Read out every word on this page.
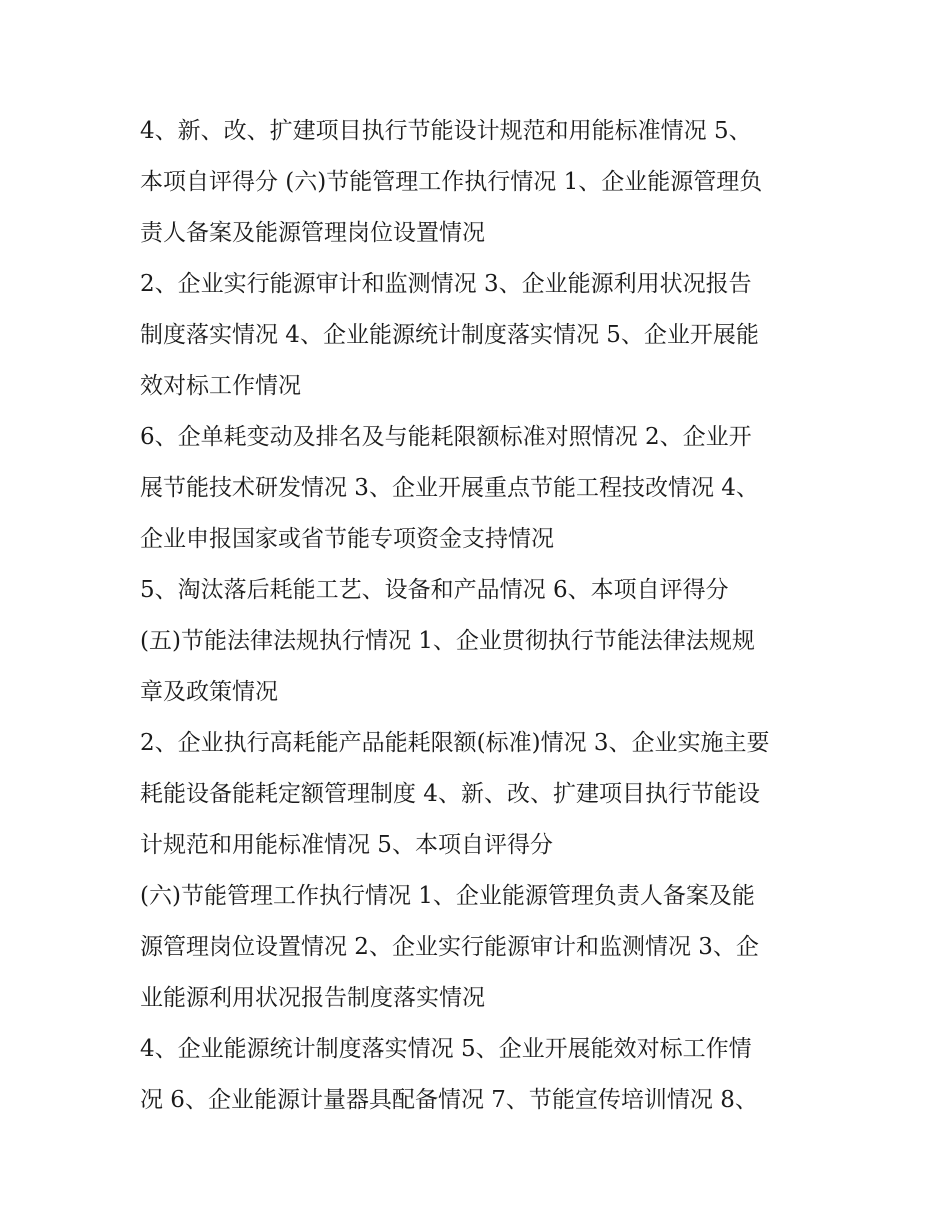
4、新、改、扩建项目执行节能设计规范和用能标准情况 5、
本项自评得分 (六)节能管理工作执行情况 1、企业能源管理负
责人备案及能源管理岗位设置情况
2、企业实行能源审计和监测情况 3、企业能源利用状况报告
制度落实情况 4、企业能源统计制度落实情况 5、企业开展能
效对标工作情况
6、企单耗变动及排名及与能耗限额标准对照情况 2、企业开
展节能技术研发情况 3、企业开展重点节能工程技改情况 4、
企业申报国家或省节能专项资金支持情况
5、淘汰落后耗能工艺、设备和产品情况 6、本项自评得分
(五)节能法律法规执行情况 1、企业贯彻执行节能法律法规规
章及政策情况
2、企业执行高耗能产品能耗限额(标准)情况 3、企业实施主要
耗能设备能耗定额管理制度 4、新、改、扩建项目执行节能设
计规范和用能标准情况 5、本项自评得分
(六)节能管理工作执行情况 1、企业能源管理负责人备案及能
源管理岗位设置情况 2、企业实行能源审计和监测情况 3、企
业能源利用状况报告制度落实情况
4、企业能源统计制度落实情况 5、企业开展能效对标工作情
况 6、企业能源计量器具配备情况 7、节能宣传培训情况 8、
